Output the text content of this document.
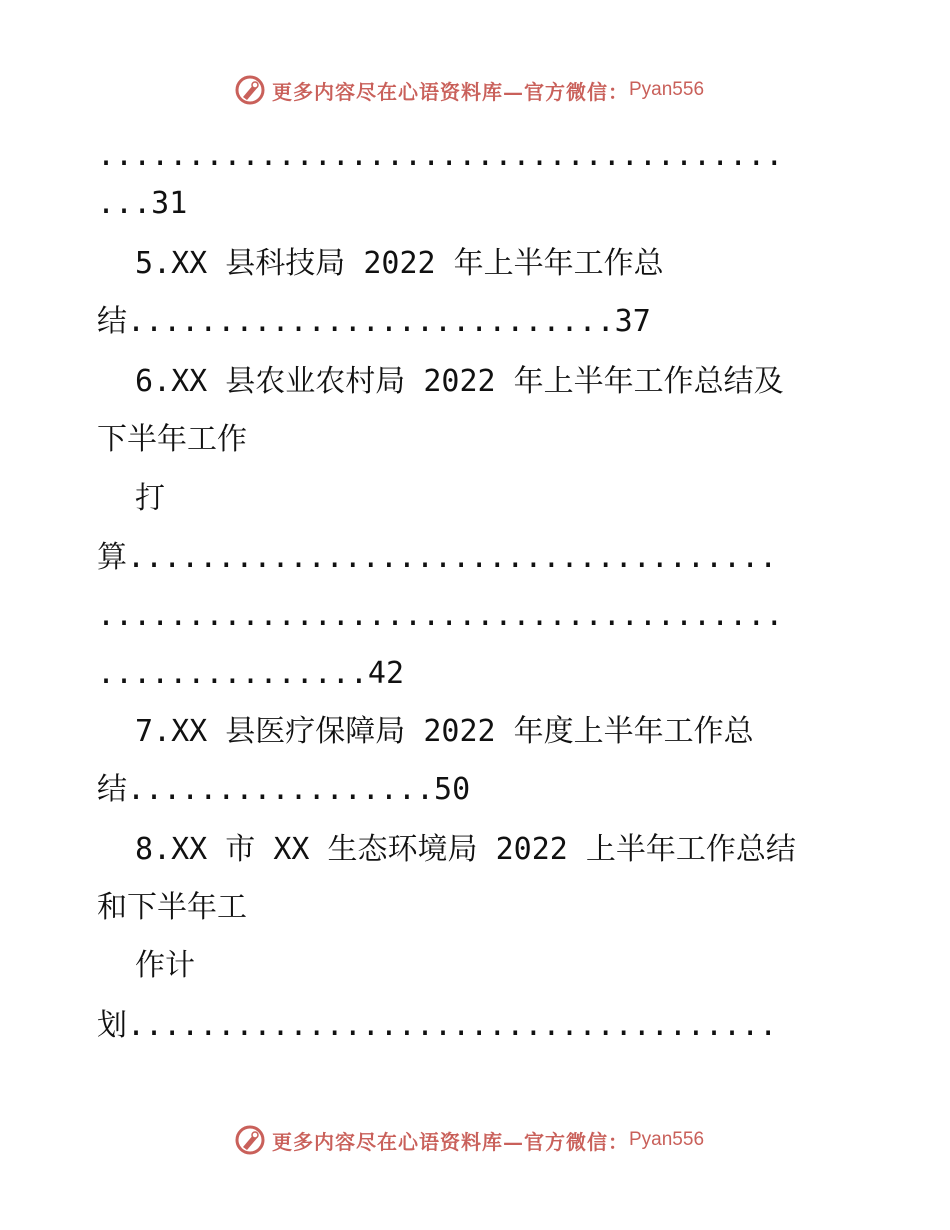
更多内容尽在心语资料库—官方微信： Pyan556
......................................
...31
5.XX 县科技局 2022 年上半年工作总
结...........................37
6.XX 县农业农村局 2022 年上半年工作总结及
下半年工作
打
算....................................
......................................
...............42
7.XX 县医疗保障局 2022 年度上半年工作总
结.................50
8.XX 市 XX 生态环境局 2022 上半年工作总结
和下半年工
作计
划....................................
更多内容尽在心语资料库—官方微信： Pyan556
